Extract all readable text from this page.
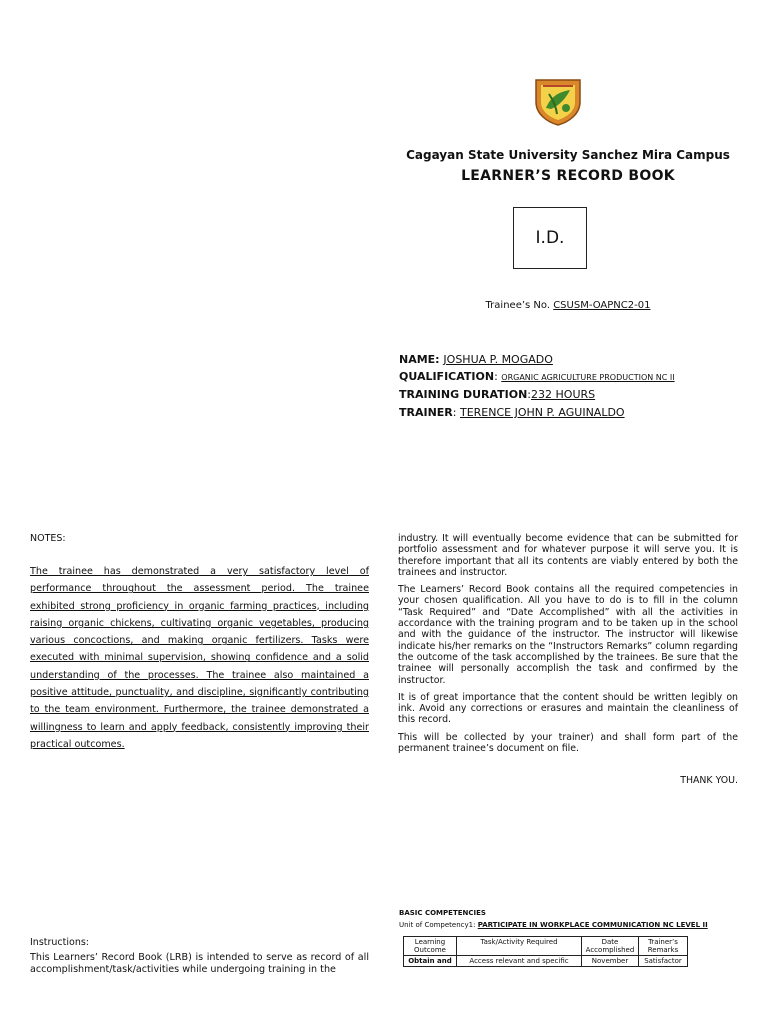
Cagayan State University Sanchez Mira Campus
LEARNER’S RECORD BOOK
I.D.
Trainee’s No. CSUSM-OAPNC2-01
NAME: JOSHUA P. MOGADO
QUALIFICATION: ORGANIC AGRICULTURE PRODUCTION NC II
TRAINING DURATION:232 HOURS
TRAINER: TERENCE JOHN P. AGUINALDO
NOTES:
The trainee has demonstrated a very satisfactory level of performance throughout the assessment period. The trainee exhibited strong proficiency in organic farming practices, including raising organic chickens, cultivating organic vegetables, producing various concoctions, and making organic fertilizers. Tasks were executed with minimal supervision, showing confidence and a solid understanding of the processes. The trainee also maintained a positive attitude, punctuality, and discipline, significantly contributing to the team environment. Furthermore, the trainee demonstrated a willingness to learn and apply feedback, consistently improving their practical outcomes.

industry. It will eventually become evidence that can be submitted for portfolio assessment and for whatever purpose it will serve you. It is therefore important that all its contents are viably entered by both the trainees and instructor.

The Learners’ Record Book contains all the required competencies in your chosen qualification. All you have to do is to fill in the column “Task Required” and “Date Accomplished” with all the activities in accordance with the training program and to be taken up in the school and with the guidance of the instructor. The instructor will likewise indicate his/her remarks on the “Instructors Remarks” column regarding the outcome of the task accomplished by the trainees. Be sure that the trainee will personally accomplish the task and confirmed by the instructor.

It is of great importance that the content should be written legibly on ink. Avoid any corrections or erasures and maintain the cleanliness of this record.

This will be collected by your trainer) and shall form part of the permanent trainee’s document on file.

THANK YOU.
Instructions:
This Learners’ Record Book (LRB) is intended to serve as record of all accomplishment/task/activities while undergoing training in the
BASIC COMPETENCIES
Unit of Competency1: PARTICIPATE IN WORKPLACE COMMUNICATION NC LEVEL II
Learning Outcome	Task/Activity Required	Date Accomplished	Trainer’s Remarks
Obtain and	Access relevant and specific	November	Satisfactor
